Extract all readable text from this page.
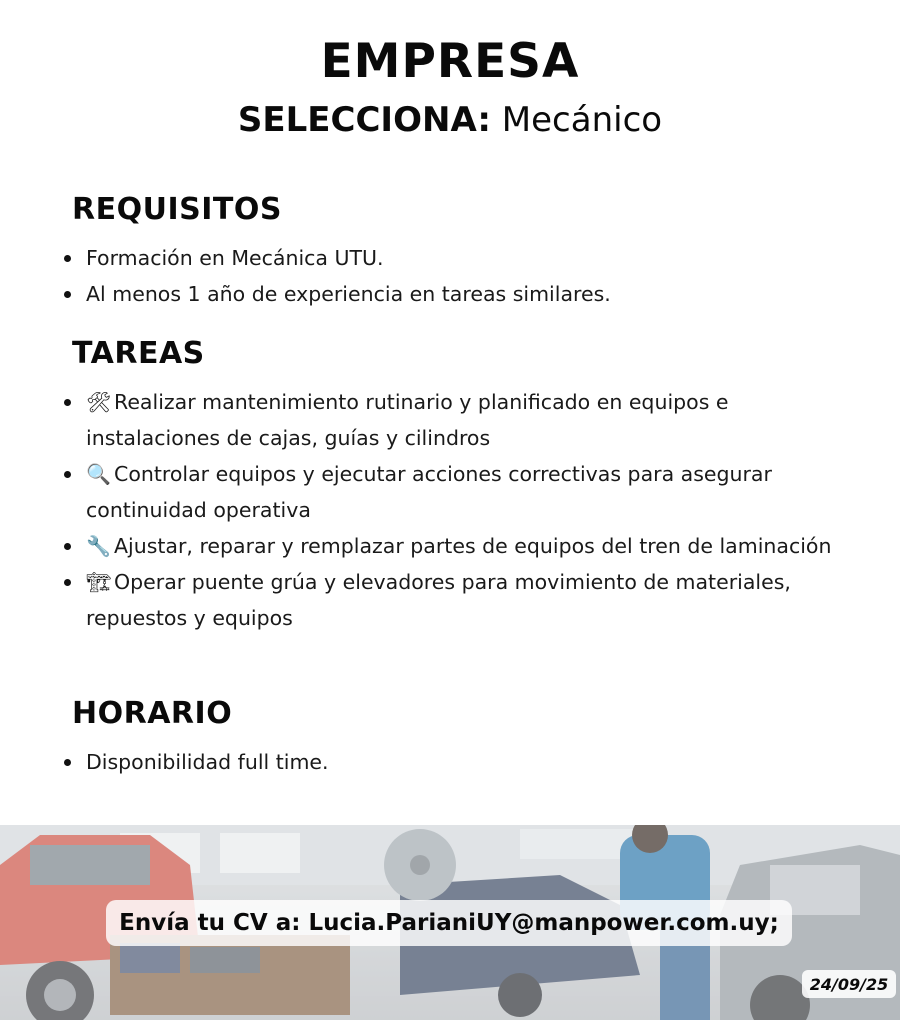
EMPRESA
SELECCIONA: Mecánico
REQUISITOS
Formación en Mecánica UTU.
Al menos 1 año de experiencia en tareas similares.
TAREAS
🛠 Realizar mantenimiento rutinario y planificado en equipos e instalaciones de cajas, guías y cilindros
🔍 Controlar equipos y ejecutar acciones correctivas para asegurar continuidad operativa
🔧 Ajustar, reparar y remplazar partes de equipos del tren de laminación
🏗 Operar puente grúa y elevadores para movimiento de materiales, repuestos y equipos
HORARIO
Disponibilidad full time.
Envía tu CV a: Lucia.ParianiUY@manpower.com.uy;
24/09/25
